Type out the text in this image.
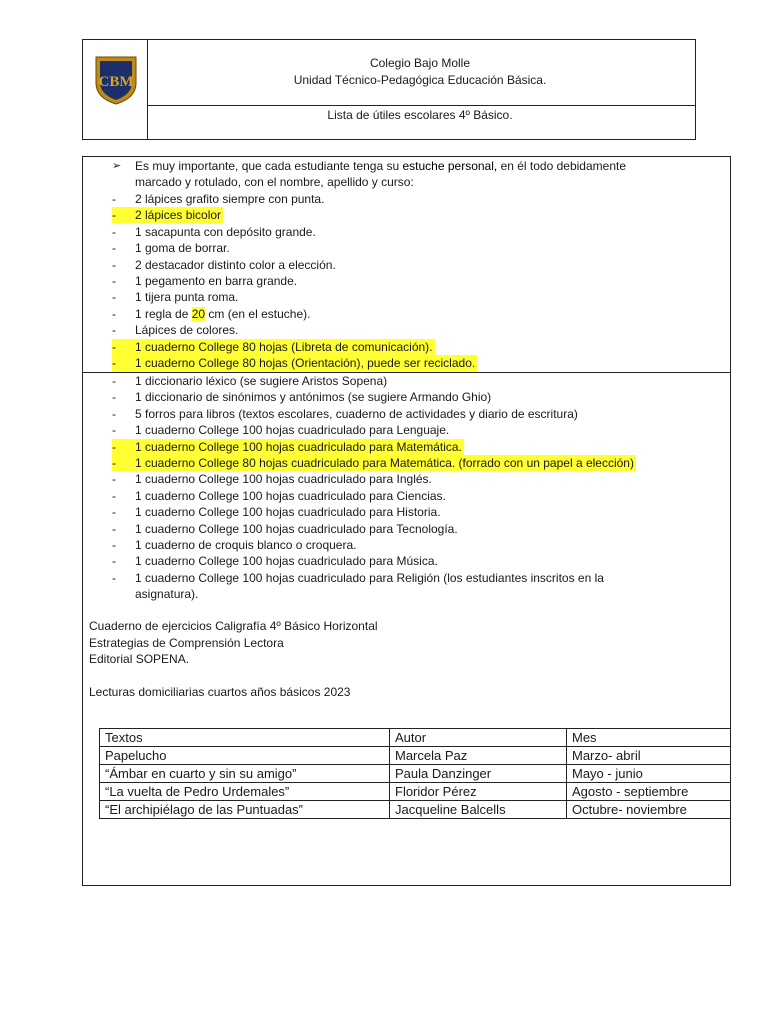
CBM
Colegio Bajo Molle
Unidad Técnico-Pedagógica Educación Básica.
Lista de útiles escolares 4º Básico.
➢ Es muy importante, que cada estudiante tenga su estuche personal, en él todo debidamente
marcado y rotulado, con el nombre, apellido y curso:
- 2 lápices grafito siempre con punta.
- 2 lápices bicolor
- 1 sacapunta con depósito grande.
- 1 goma de borrar.
- 2 destacador distinto color a elección.
- 1 pegamento en barra grande.
- 1 tijera punta roma.
- 1 regla de 20 cm (en el estuche).
- Lápices de colores.
- 1 cuaderno College 80 hojas (Libreta de comunicación).
- 1 cuaderno College 80 hojas (Orientación), puede ser reciclado.
- 1 diccionario léxico (se sugiere Aristos Sopena)
- 1 diccionario de sinónimos y antónimos (se sugiere Armando Ghio)
- 5 forros para libros (textos escolares, cuaderno de actividades y diario de escritura)
- 1 cuaderno College 100 hojas cuadriculado para Lenguaje.
- 1 cuaderno College 100 hojas cuadriculado para Matemática.
- 1 cuaderno College 80 hojas cuadriculado para Matemática. (forrado con un papel a elección)
- 1 cuaderno College 100 hojas cuadriculado para Inglés.
- 1 cuaderno College 100 hojas cuadriculado para Ciencias.
- 1 cuaderno College 100 hojas cuadriculado para Historia.
- 1 cuaderno College 100 hojas cuadriculado para Tecnología.
- 1 cuaderno de croquis blanco o croquera.
- 1 cuaderno College 100 hojas cuadriculado para Música.
- 1 cuaderno College 100 hojas cuadriculado para Religión (los estudiantes inscritos en la
asignatura).
Cuaderno de ejercicios Caligrafía 4º Básico Horizontal
Estrategias de Comprensión Lectora
Editorial SOPENA.
Lecturas domiciliarias cuartos años básicos 2023
Textos	Autor	Mes
Papelucho	Marcela Paz	Marzo- abril
“Ámbar en cuarto y sin su amigo”	Paula Danzinger	Mayo - junio
“La vuelta de Pedro Urdemales”	Floridor Pérez	Agosto - septiembre
“El archipiélago de las Puntuadas”	Jacqueline Balcells	Octubre- noviembre
